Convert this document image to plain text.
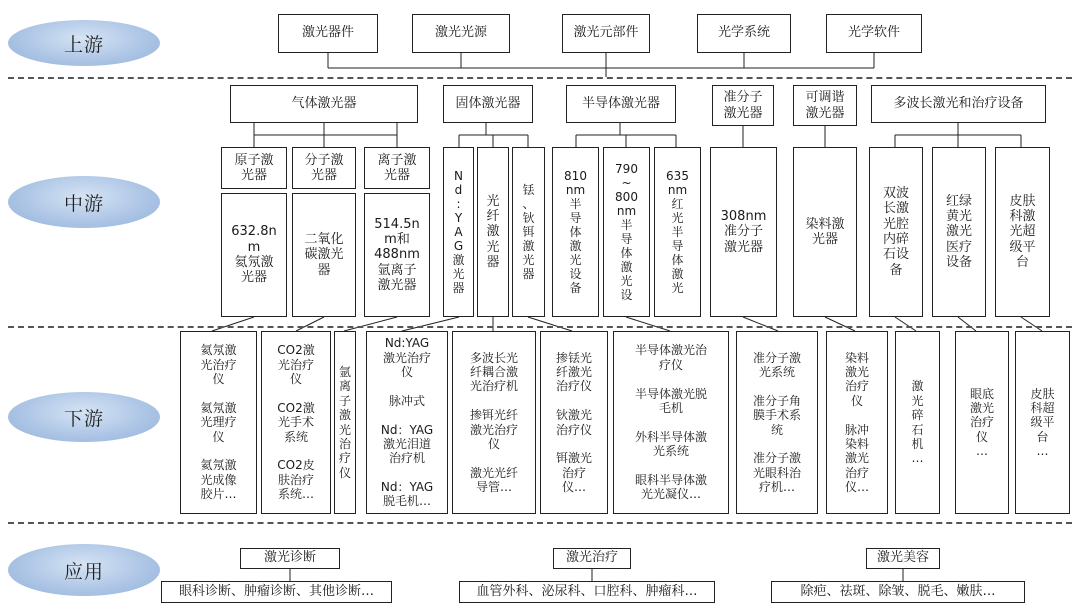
上游
中游
下游
应用
激光器件	激光光源	激光元部件	光学系统	光学软件
气体激光器	固体激光器	半导体激光器	准分子
激光器
可调谐
激光器
多波长激光和治疗设备
原子激
光器
分子激
光器
离子激
光器
632.8n
m
氦氖激
光器
二氧化
碳激光
器
514.5n
m和
488nm
氩离子
激光器
N
d
:
Y
A
G
激
光
器
光
纤
激
光
器
铥
、
钬
铒
激
光
器
810
nm
半
导
体
激
光
设
备
790
~
800
nm
半
导
体
激
光
设
635
nm
红
光
半
导
体
激
光
308nm
准分子
激光器
染料激
光器
双波
长激
光腔
内碎
石设
备
红绿
黄光
激光
医疗
设备
皮肤
科激
光超
级平
台
氦氖激
光治疗
仪

氦氖激
光理疗
仪

氦氖激
光成像
胶片…
CO2激
光治疗
仪

CO2激
光手术
系统

CO2皮
肤治疗
系统…
氩
离
子
激
光
治
疗
仪
Nd:YAG
激光治疗
仪

脉冲式

Nd：YAG
激光泪道
治疗机

Nd：YAG
脱毛机…
多波长光
纤耦合激
光治疗机

掺铒光纤
激光治疗
仪

激光光纤
导管…
掺铥光
纤激光
治疗仪

钬激光
治疗仪

铒激光
治疗
仪…
半导体激光治
疗仪

半导体激光脱
毛机

外科半导体激
光系统

眼科半导体激
光光凝仪…
准分子激
光系统

准分子角
膜手术系
统

准分子激
光眼科治
疗机…
染料
激光
治疗
仪

脉冲
染料
激光
治疗
仪…
激
光
碎
石
机
…
眼底
激光
治疗
仪
…
皮肤
科超
级平
台
…
激光诊断	激光治疗	激光美容
眼科诊断、肿瘤诊断、其他诊断…	血管外科、泌尿科、口腔科、肿瘤科…	除疤、祛斑、除皱、脱毛、嫩肤…
